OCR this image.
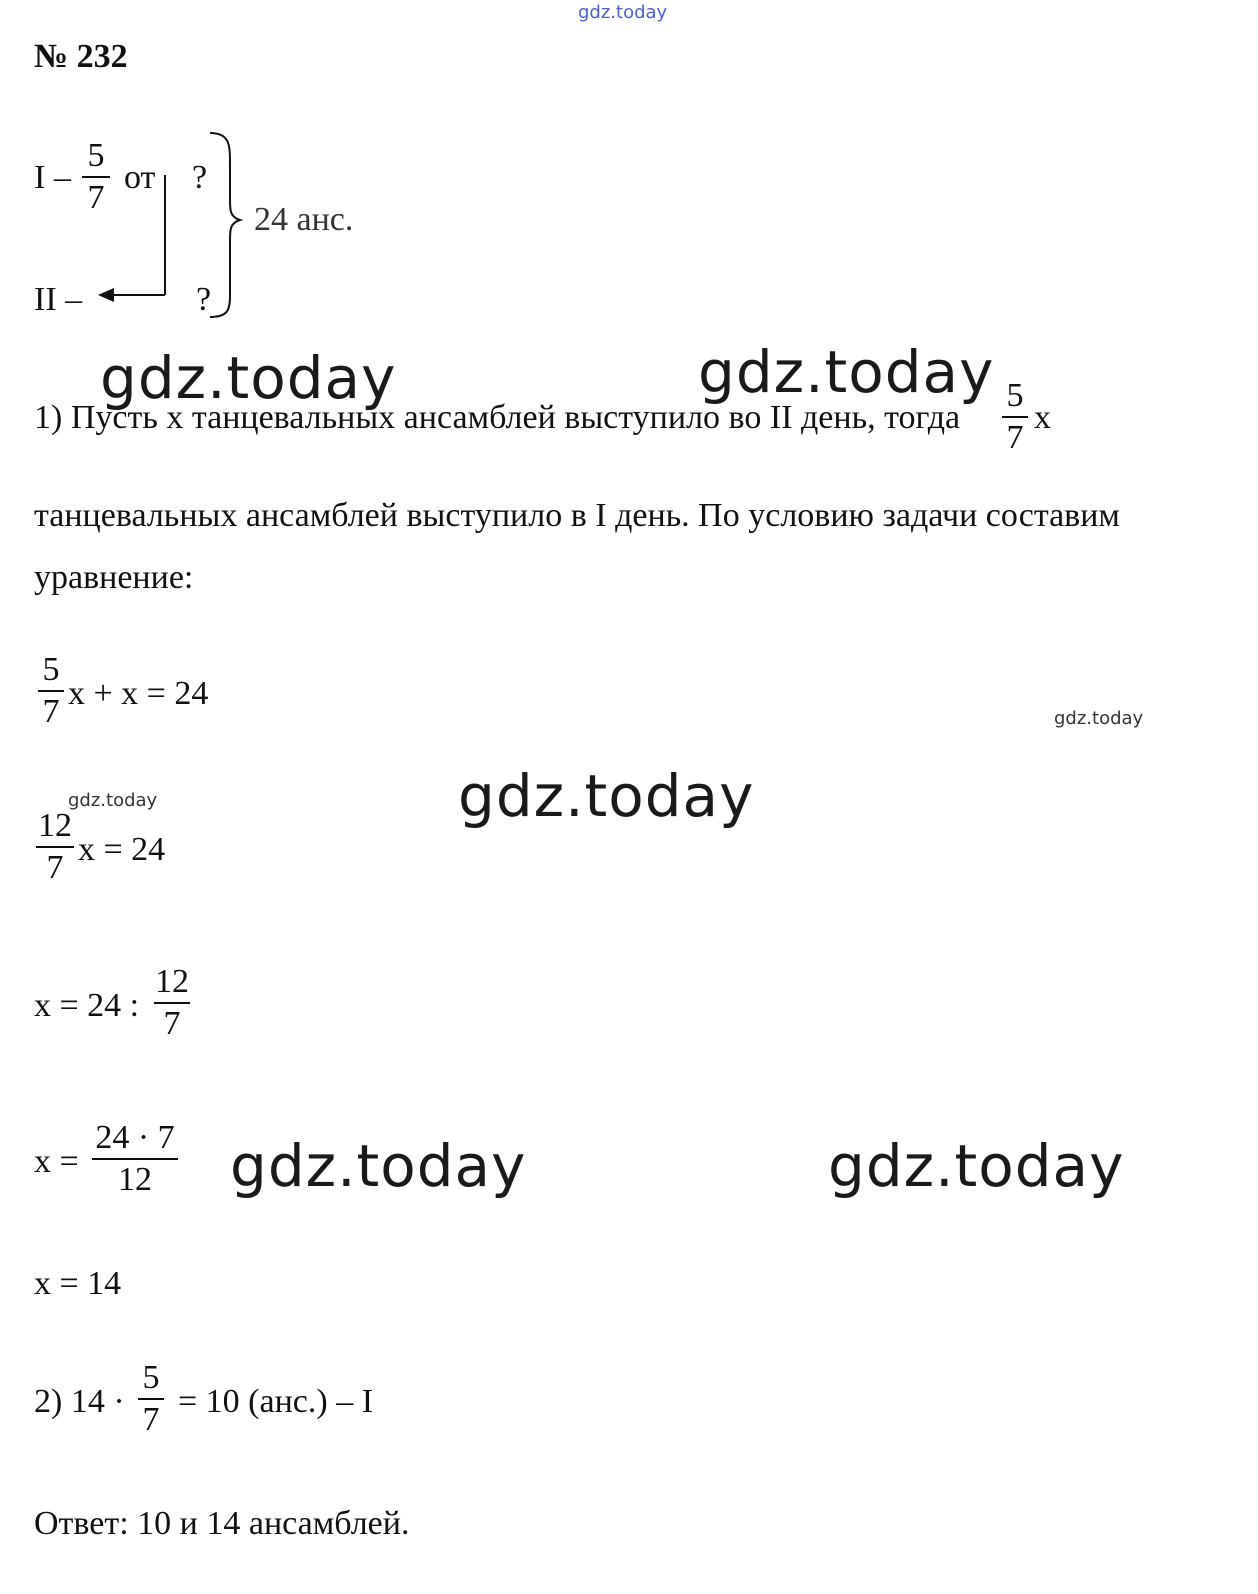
gdz.today
№ 232
I –
5
7
от ?
II –	?
24 анс.
gdz.today	gdz.today
gdz.today
gdz.today	gdz.today
gdz.today
gdz.today
1) Пусть x танцевальных ансамблей выступило во II день, тогда
5
7
x
танцевальных ансамблей выступило в I день. По условию задачи составим
уравнение:
5
7 x + x = 24
12
7 x = 24
x = 24 :
12
7
x =
24 · 7
12
x = 14
2) 14 ·
5
7 = 10 (анс.) – I
Ответ: 10 и 14 ансамблей.
